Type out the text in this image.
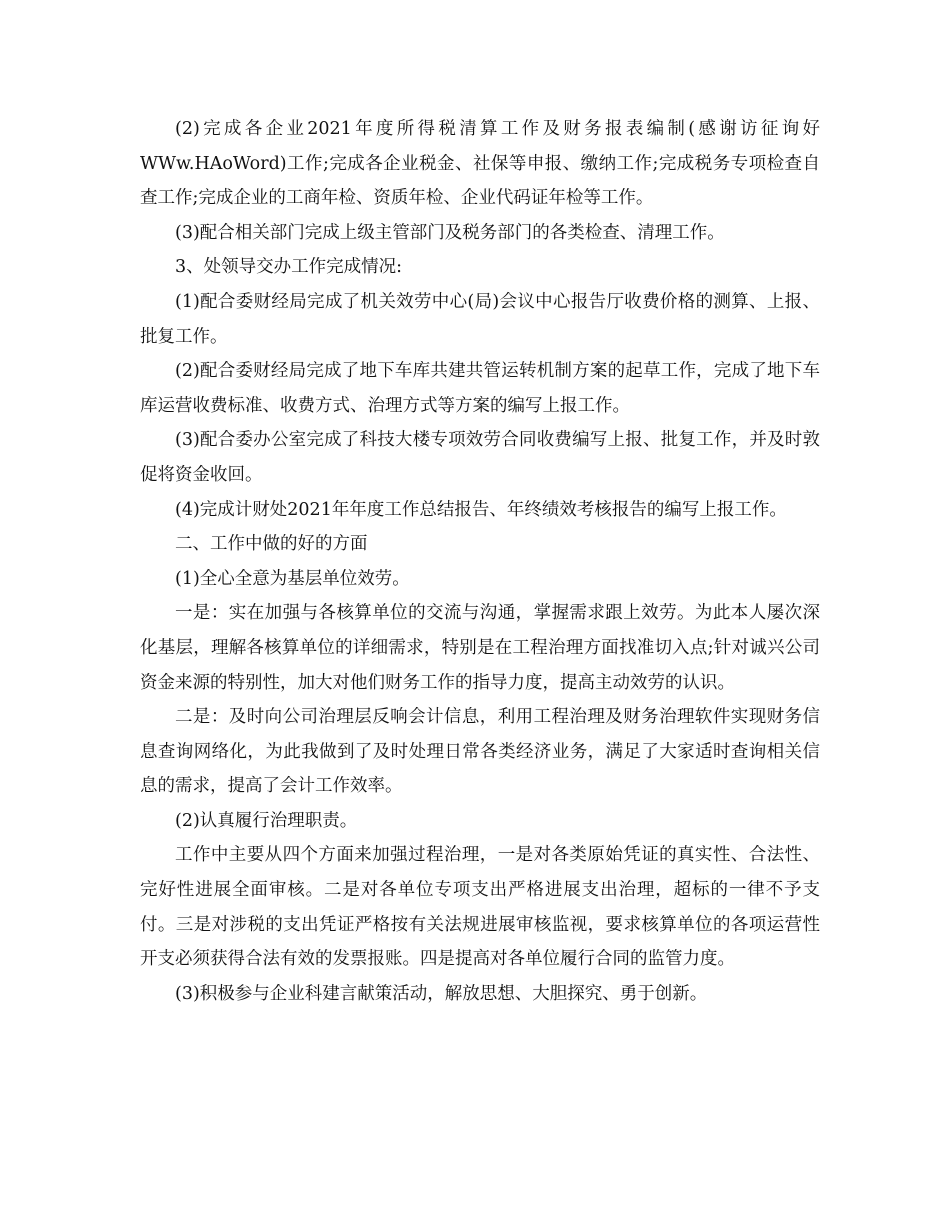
(2)完成各企业2021年度所得税清算工作及财务报表编制(感谢访征询好WWw.HAoWord)工作;完成各企业税金、社保等申报、缴纳工作;完成税务专项检查自查工作;完成企业的工商年检、资质年检、企业代码证年检等工作。

(3)配合相关部门完成上级主管部门及税务部门的各类检查、清理工作。

3、处领导交办工作完成情况:

(1)配合委财经局完成了机关效劳中心(局)会议中心报告厅收费价格的测算、上报、批复工作。

(2)配合委财经局完成了地下车库共建共管运转机制方案的起草工作，完成了地下车库运营收费标准、收费方式、治理方式等方案的编写上报工作。

(3)配合委办公室完成了科技大楼专项效劳合同收费编写上报、批复工作，并及时敦促将资金收回。

(4)完成计财处2021年年度工作总结报告、年终绩效考核报告的编写上报工作。

二、工作中做的好的方面

(1)全心全意为基层单位效劳。

一是：实在加强与各核算单位的交流与沟通，掌握需求跟上效劳。为此本人屡次深化基层，理解各核算单位的详细需求，特别是在工程治理方面找准切入点;针对诚兴公司资金来源的特别性，加大对他们财务工作的指导力度，提高主动效劳的认识。

二是：及时向公司治理层反响会计信息，利用工程治理及财务治理软件实现财务信息查询网络化，为此我做到了及时处理日常各类经济业务，满足了大家适时查询相关信息的需求，提高了会计工作效率。

(2)认真履行治理职责。

工作中主要从四个方面来加强过程治理，一是对各类原始凭证的真实性、合法性、完好性进展全面审核。二是对各单位专项支出严格进展支出治理，超标的一律不予支付。三是对涉税的支出凭证严格按有关法规进展审核监视，要求核算单位的各项运营性开支必须获得合法有效的发票报账。四是提高对各单位履行合同的监管力度。

(3)积极参与企业科建言献策活动，解放思想、大胆探究、勇于创新。
